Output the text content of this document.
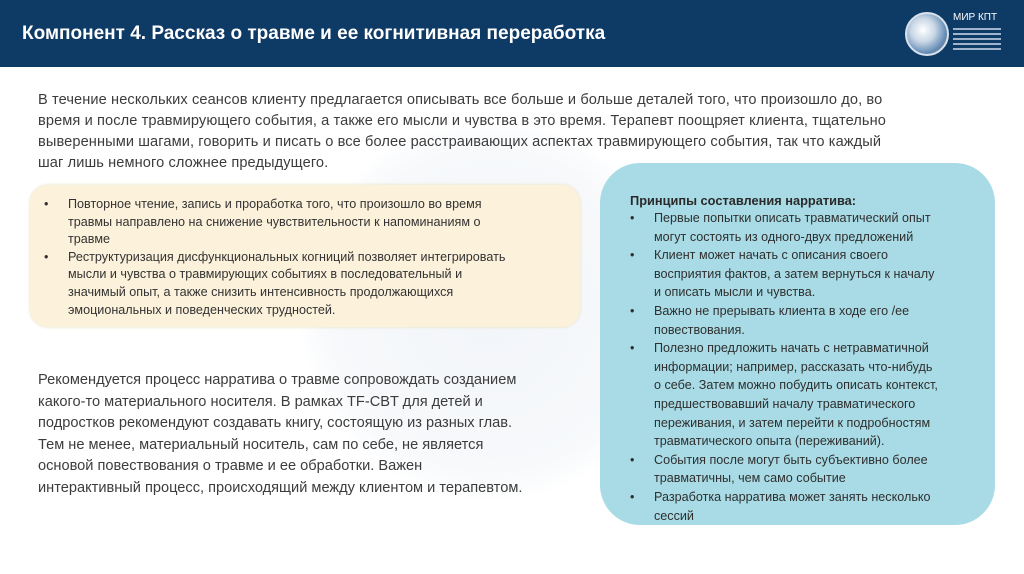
Компонент 4. Рассказ о травме и ее когнитивная переработка
МИР КПТ
В течение нескольких сеансов клиенту предлагается описывать все больше и больше деталей того, что произошло до, во
время и после травмирующего события, а также его мысли и чувства в это время. Терапевт поощряет клиента, тщательно
выверенными шагами, говорить и писать о все более расстраивающих аспектах травмирующего события, так что каждый
шаг лишь немного сложнее предыдущего.
• Повторное чтение, запись и проработка того, что произошло во время
травмы направлено на снижение чувствительности к напоминаниям о
травме
• Реструктуризация дисфункциональных когниций позволяет интегрировать
мысли и чувства о травмирующих событиях в последовательный и
значимый опыт, а также снизить интенсивность продолжающихся
эмоциональных и поведенческих трудностей.
Принципы составления нарратива:
• Первые попытки описать травматический опыт
могут состоять из одного-двух предложений
• Клиент может начать с описания своего
восприятия фактов, а затем вернуться к началу
и описать мысли и чувства.
• Важно не прерывать клиента в ходе его /ее
повествования.
• Полезно предложить начать с нетравматичной
информации; например, рассказать что-нибудь
о себе. Затем можно побудить описать контекст,
предшествовавший началу травматического
переживания, и затем перейти к подробностям
травматического опыта (переживаний).
• События после могут быть субъективно более
травматичны, чем само событие
• Разработка нарратива может занять несколько
сессий
Рекомендуется процесс нарратива о травме сопровождать созданием
какого-то материального носителя. В рамках TF-CBT для детей и
подростков рекомендуют создавать книгу, состоящую из разных глав.
Тем не менее, материальный носитель, сам по себе, не является
основой повествования о травме и ее обработки. Важен
интерактивный процесс, происходящий между клиентом и терапевтом.
